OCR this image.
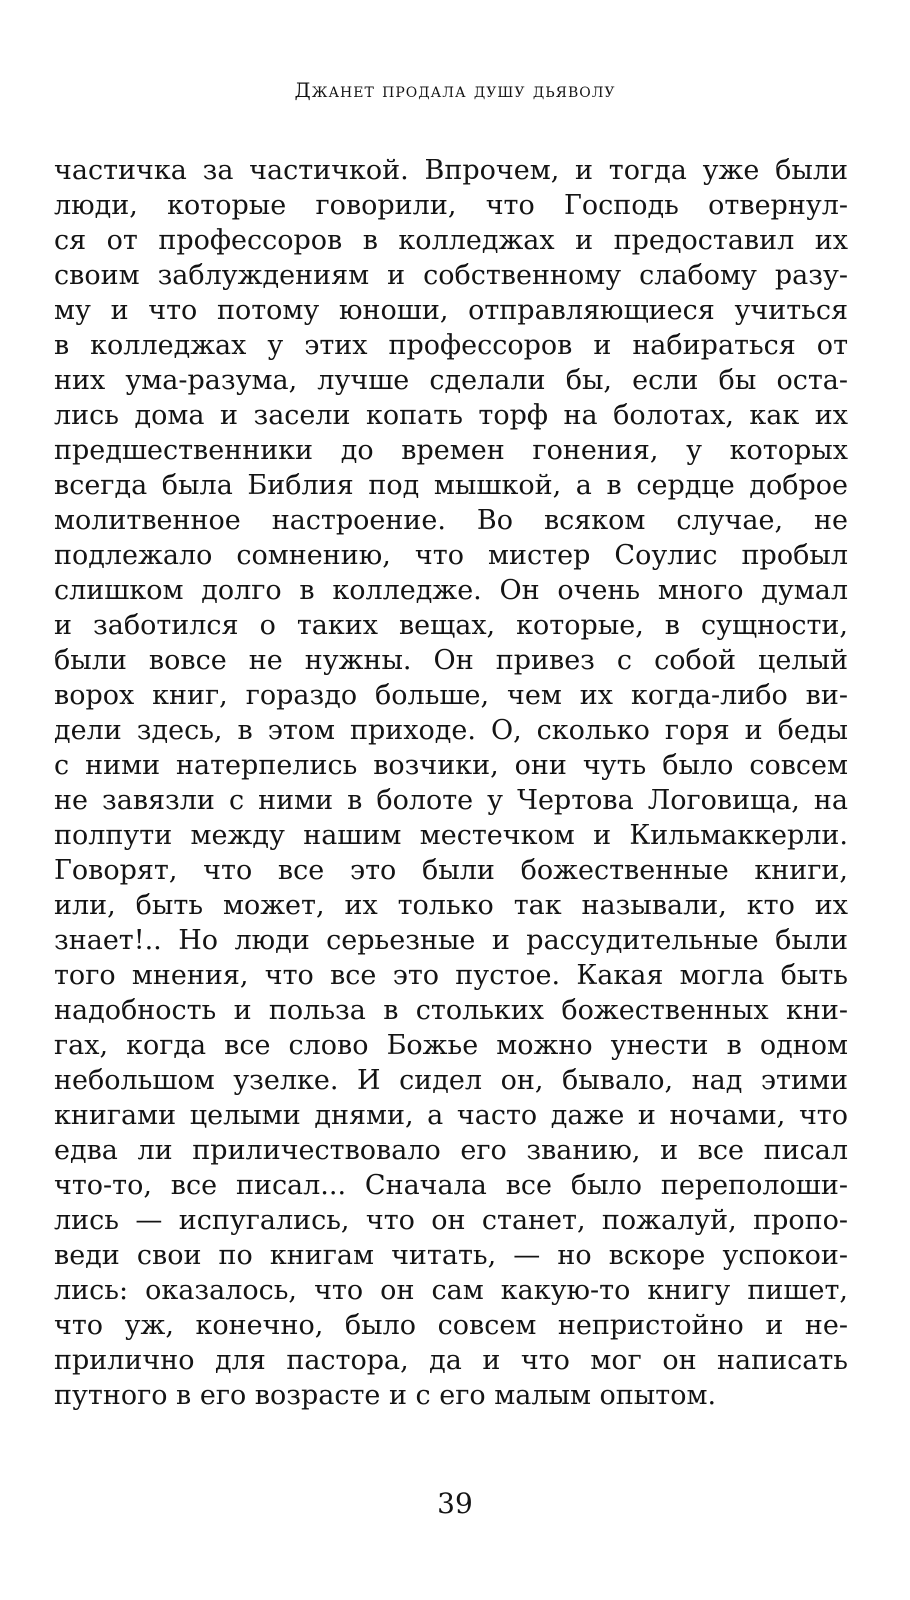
Джанет продала душу дьяволу
частичка за частичкой. Впрочем, и тогда уже были
люди, которые говорили, что Господь отвернул-
ся от профессоров в колледжах и предоставил их
своим заблуждениям и собственному слабому разу-
му и что потому юноши, отправляющиеся учиться
в колледжах у этих профессоров и набираться от
них ума-разума, лучше сделали бы, если бы оста-
лись дома и засели копать торф на болотах, как их
предшественники до времен гонения, у которых
всегда была Библия под мышкой, а в сердце доброе
молитвенное настроение. Во всяком случае, не
подлежало сомнению, что мистер Соулис пробыл
слишком долго в колледже. Он очень много думал
и заботился о таких вещах, которые, в сущности,
были вовсе не нужны. Он привез с собой целый
ворох книг, гораздо больше, чем их когда-либо ви-
дели здесь, в этом приходе. О, сколько горя и беды
с ними натерпелись возчики, они чуть было совсем
не завязли с ними в болоте у Чертова Логовища, на
полпути между нашим местечком и Кильмаккерли.
Говорят, что все это были божественные книги,
или, быть может, их только так называли, кто их
знает!.. Но люди серьезные и рассудительные были
того мнения, что все это пустое. Какая могла быть
надобность и польза в стольких божественных кни-
гах, когда все слово Божье можно унести в одном
небольшом узелке. И сидел он, бывало, над этими
книгами целыми днями, а часто даже и ночами, что
едва ли приличествовало его званию, и все писал
что-то, все писал... Сначала все было переполоши-
лись — испугались, что он станет, пожалуй, пропо-
веди свои по книгам читать, — но вскоре успокои-
лись: оказалось, что он сам какую-то книгу пишет,
что уж, конечно, было совсем непристойно и не-
прилично для пастора, да и что мог он написать
путного в его возрасте и с его малым опытом.
39
